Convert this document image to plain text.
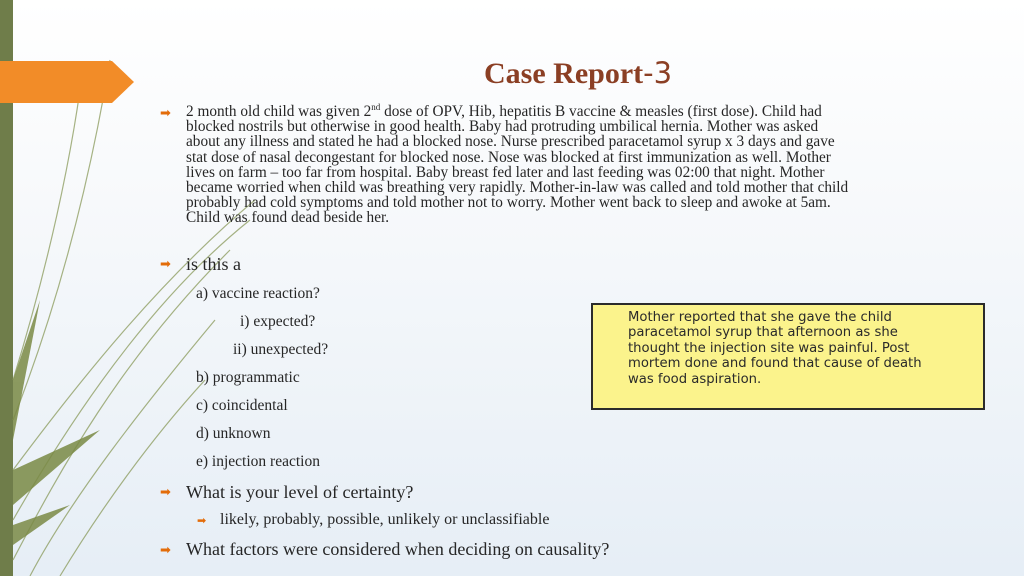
Case Report-3
➡ 2 month old child was given 2nd dose of OPV, Hib, hepatitis B vaccine & measles (first dose). Child had
blocked nostrils but otherwise in good health. Baby had protruding umbilical hernia. Mother was asked
about any illness and stated he had a blocked nose. Nurse prescribed paracetamol syrup x 3 days and gave
stat dose of nasal decongestant for blocked nose. Nose was blocked at first immunization as well. Mother
lives on farm – too far from hospital. Baby breast fed later and last feeding was 02:00 that night. Mother
became worried when child was breathing very rapidly. Mother-in-law was called and told mother that child
probably had cold symptoms and told mother not to worry. Mother went back to sleep and awoke at 5am.
Child was found dead beside her.
➡ is this a
a) vaccine reaction?
i) expected?
ii) unexpected?
b) programmatic
c) coincidental
d) unknown
e) injection reaction
➡ What is your level of certainty?
➡ likely, probably, possible, unlikely or unclassifiable
➡ What factors were considered when deciding on causality?
Mother reported that she gave the child
paracetamol syrup that afternoon as she
thought the injection site was painful. Post
mortem done and found that cause of death
was food aspiration.
